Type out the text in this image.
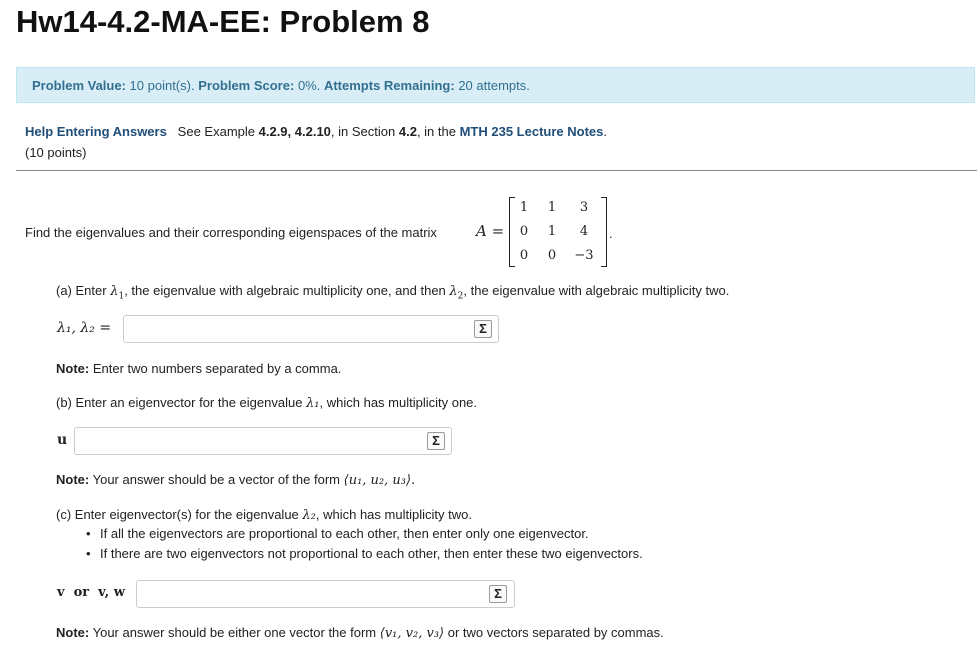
Hw14-4.2-MA-EE: Problem 8
Problem Value: 10 point(s). Problem Score: 0%. Attempts Remaining: 20 attempts.
Help Entering Answers See Example 4.2.9, 4.2.10, in Section 4.2, in the MTH 235 Lecture Notes.
(10 points)
Find the eigenvalues and their corresponding eigenspaces of the matrix	A =
1	1	3
0	1	4
0	0	−3
.
(a) Enter $\lambda_1$, the eigenvalue with algebraic multiplicity one, and then $\lambda_2$, the eigenvalue with algebraic multiplicity two.
λ₁, λ₂ =	Σ
Note: Enter two numbers separated by a comma.
(b) Enter an eigenvector for the eigenvalue λ₁, which has multiplicity one.
u	Σ
Note: Your answer should be a vector of the form ⟨u₁, u₂, u₃⟩.
(c) Enter eigenvector(s) for the eigenvalue λ₂, which has multiplicity two.
• If all the eigenvectors are proportional to each other, then enter only one eigenvector.
• If there are two eigenvectors not proportional to each other, then enter these two eigenvectors.
v  or  v, w	Σ
Note: Your answer should be either one vector the form ⟨v₁, v₂, v₃⟩ or two vectors separated by commas.
